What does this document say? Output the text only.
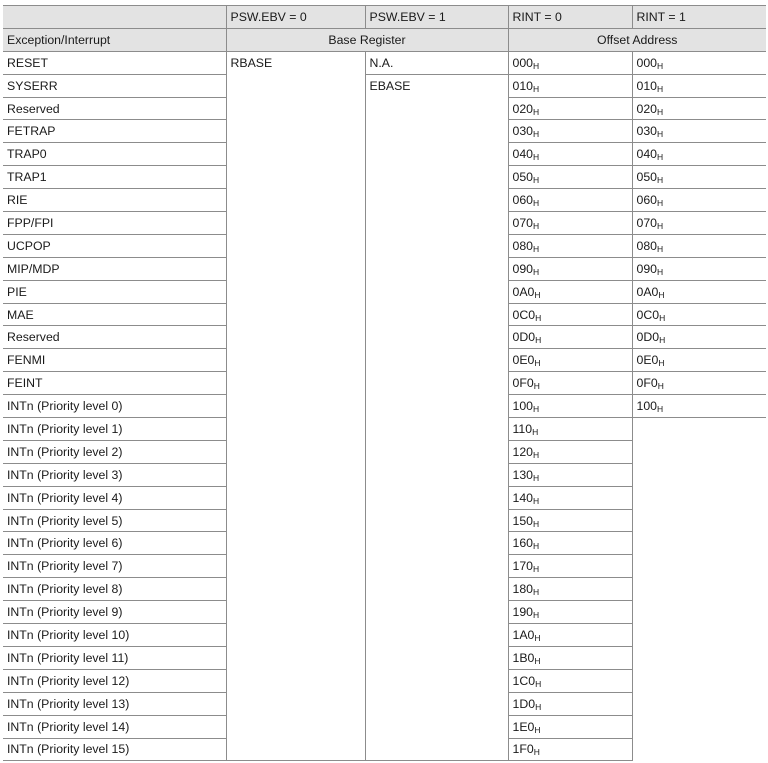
	PSW.EBV = 0	PSW.EBV = 1	RINT = 0	RINT = 1
Exception/Interrupt	Base Register		Offset Address	
RESET	RBASE	N.A.	$000_H$	$000_H$
SYSERR		EBASE	$010_H$	$010_H$
Reserved			$020_H$	$020_H$
FETRAP			$030_H$	$030_H$
TRAP0			$040_H$	$040_H$
TRAP1			$050_H$	$050_H$
RIE			$060_H$	$060_H$
FPP/FPI			$070_H$	$070_H$
UCPOP			$080_H$	$080_H$
MIP/MDP			$090_H$	$090_H$
PIE			$0A0_H$	$0A0_H$
MAE			$0C0_H$	$0C0_H$
Reserved			$0D0_H$	$0D0_H$
FENMI			$0E0_H$	$0E0_H$
FEINT			$0F0_H$	$0F0_H$
INTn (Priority level 0)			$100_H$	$100_H$
INTn (Priority level 1)			$110_H$	
INTn (Priority level 2)			$120_H$
INTn (Priority level 3)			$130_H$
INTn (Priority level 4)			$140_H$
INTn (Priority level 5)			$150_H$
INTn (Priority level 6)			$160_H$
INTn (Priority level 7)			$170_H$
INTn (Priority level 8)			$180_H$
INTn (Priority level 9)			$190_H$
INTn (Priority level 10)			$1A0_H$
INTn (Priority level 11)			$1B0_H$
INTn (Priority level 12)			$1C0_H$
INTn (Priority level 13)			$1D0_H$
INTn (Priority level 14)			$1E0_H$
INTn (Priority level 15)			$1F0_H$
